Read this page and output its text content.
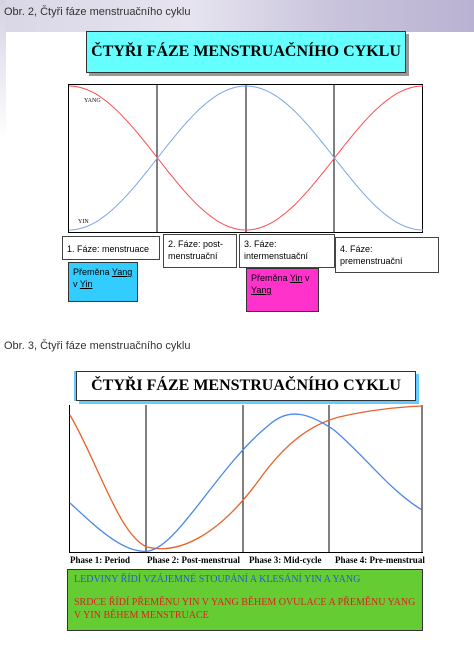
Obr. 2, Čtyři fáze menstruačního cyklu
ČTYŘI FÁZE MENSTRUAČNÍHO CYKLU
YANG
YIN
1. Fáze: menstruace	2. Fáze: post-menstruační
3. Fáze: intermenstuační
4. Fáze: premenstruační
Přeměna Yang
v Yin
Přeměna Yin v
Yang
Obr. 3, Čtyři fáze menstruačního cyklu
ČTYŘI FÁZE MENSTRUAČNÍHO CYKLU
Phase 1: Period Phase 2: Post-menstrual Phase 3: Mid-cycle Phase 4: Pre-menstrual
LEDVINY ŘÍDÍ VZÁJEMNÉ STOUPÁNÍ A KLESÁNÍ YIN A YANG
SRDCE ŘÍDÍ PŘEMĚNU YIN V YANG BĚHEM OVULACE A PŘEMĚNU YANG V YIN BĚHEM MENSTRUACE
